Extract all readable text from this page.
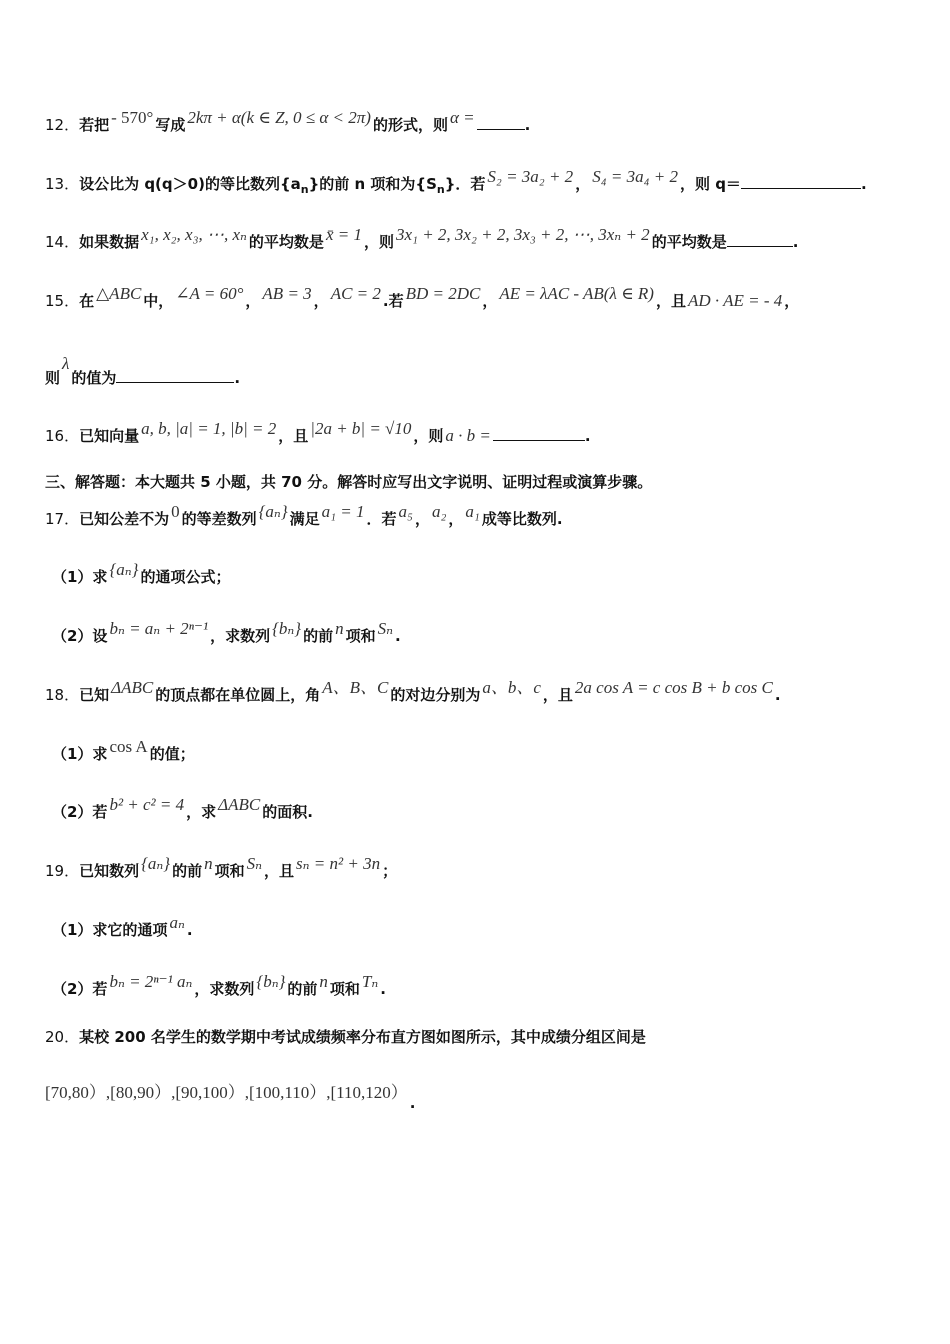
12．若把 - 570° 写成 2kπ + α(k ∈ Z, 0 ≤ α < 2π) 的形式，则 α =	.
13．设公比为 q(q＞0)的等比数列$\{a_n\}$的前 n 项和为$\{S_n\}$．若 S₂ = 3a₂ + 2 ， S₄ = 3a₄ + 2 ，则 q＝	.
14．如果数据 x₁, x₂, x₃, ⋯, xₙ 的平均数是 x̄ = 1 ，则 3x₁ + 2, 3x₂ + 2, 3x₃ + 2, ⋯, 3xₙ + 2 的平均数是	.
15．在 △ABC 中， ∠A = 60° ， AB = 3 ， AC = 2 .若 BD = 2DC ， AE = λAC - AB(λ ∈ R) ，且 AD · AE = - 4 ，
则λ的值为	.
16．已知向量 a, b, |a| = 1, |b| = 2 ，且 |2a + b| = √10 ，则 a · b =	.
三、解答题：本大题共 5 小题，共 70 分。解答时应写出文字说明、证明过程或演算步骤。
17．已知公差不为 0 的等差数列 {aₙ} 满足 a₁ = 1 ．若 a₅ ， a₂ ， a₁ 成等比数列.
（1）求 {aₙ} 的通项公式；
（2）设 bₙ = aₙ + 2ⁿ⁻¹ ，求数列 {bₙ} 的前 n 项和 Sₙ .
18．已知 ΔABC 的顶点都在单位圆上，角 A、B、C 的对边分别为 a、b、c ，且 2a cos A = c cos B + b cos C .
（1）求 cos A 的值；
（2）若 b² + c² = 4 ，求 ΔABC 的面积.
19．已知数列 {aₙ} 的前 n 项和 Sₙ ，且 sₙ = n² + 3n ；
（1）求它的通项 aₙ .
（2）若 bₙ = 2ⁿ⁻¹ aₙ ，求数列 {bₙ} 的前 n 项和 Tₙ .
20．某校 200 名学生的数学期中考试成绩频率分布直方图如图所示，其中成绩分组区间是
[70,80）,[80,90）,[90,100）,[100,110）,[110,120）.
